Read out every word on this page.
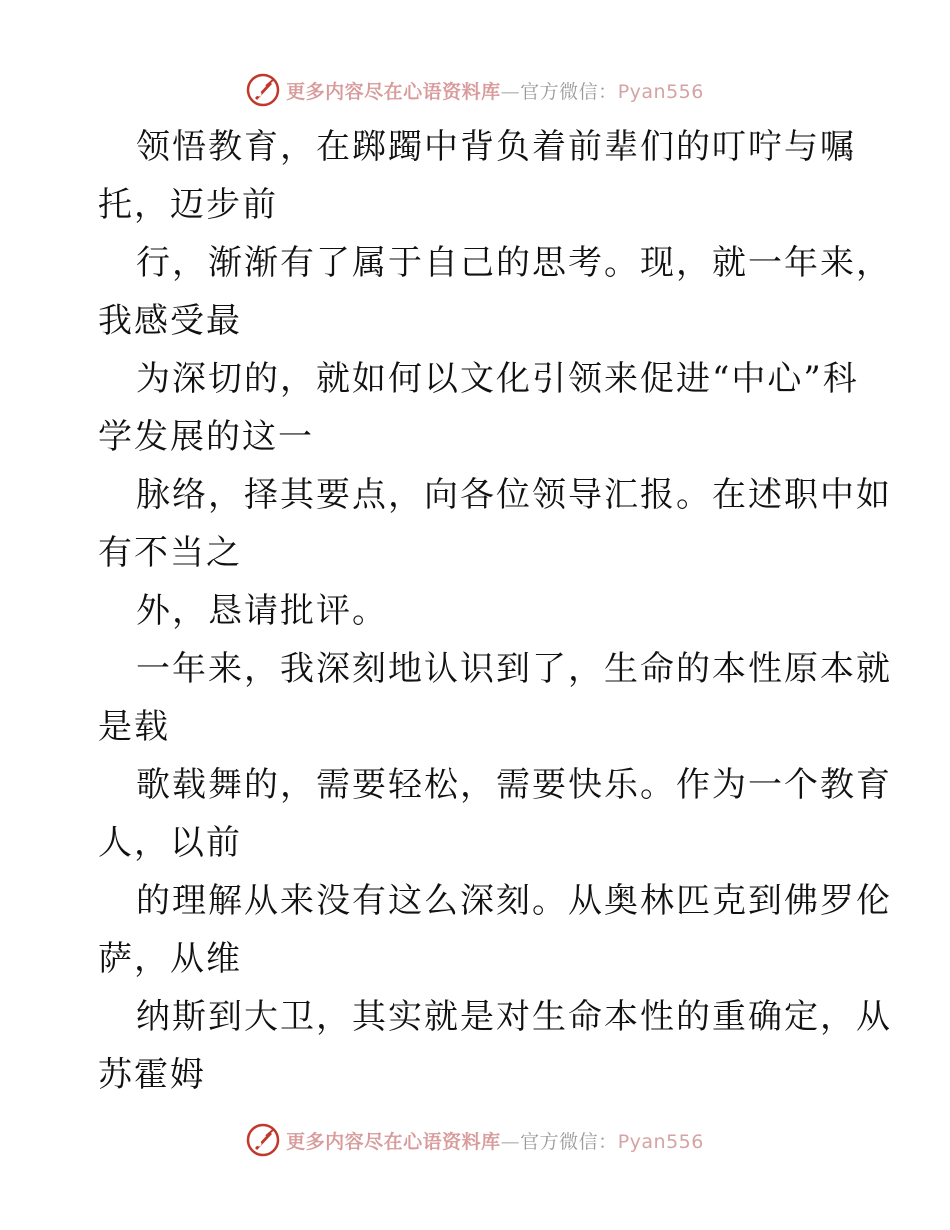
更多内容尽在心语资料库—官方微信：Pyan556
领悟教育，在踯躅中背负着前辈们的叮咛与嘱
托，迈步前
行，渐渐有了属于自己的思考。现，就一年来，
我感受最
为深切的，就如何以文化引领来促进“中心”科
学发展的这一
脉络，择其要点，向各位领导汇报。在述职中如
有不当之
外，恳请批评。
一年来，我深刻地认识到了，生命的本性原本就
是载
歌载舞的，需要轻松，需要快乐。作为一个教育
人，以前
的理解从来没有这么深刻。从奥林匹克到佛罗伦
萨，从维
纳斯到大卫，其实就是对生命本性的重确定，从
苏霍姆
更多内容尽在心语资料库—官方微信：Pyan556
